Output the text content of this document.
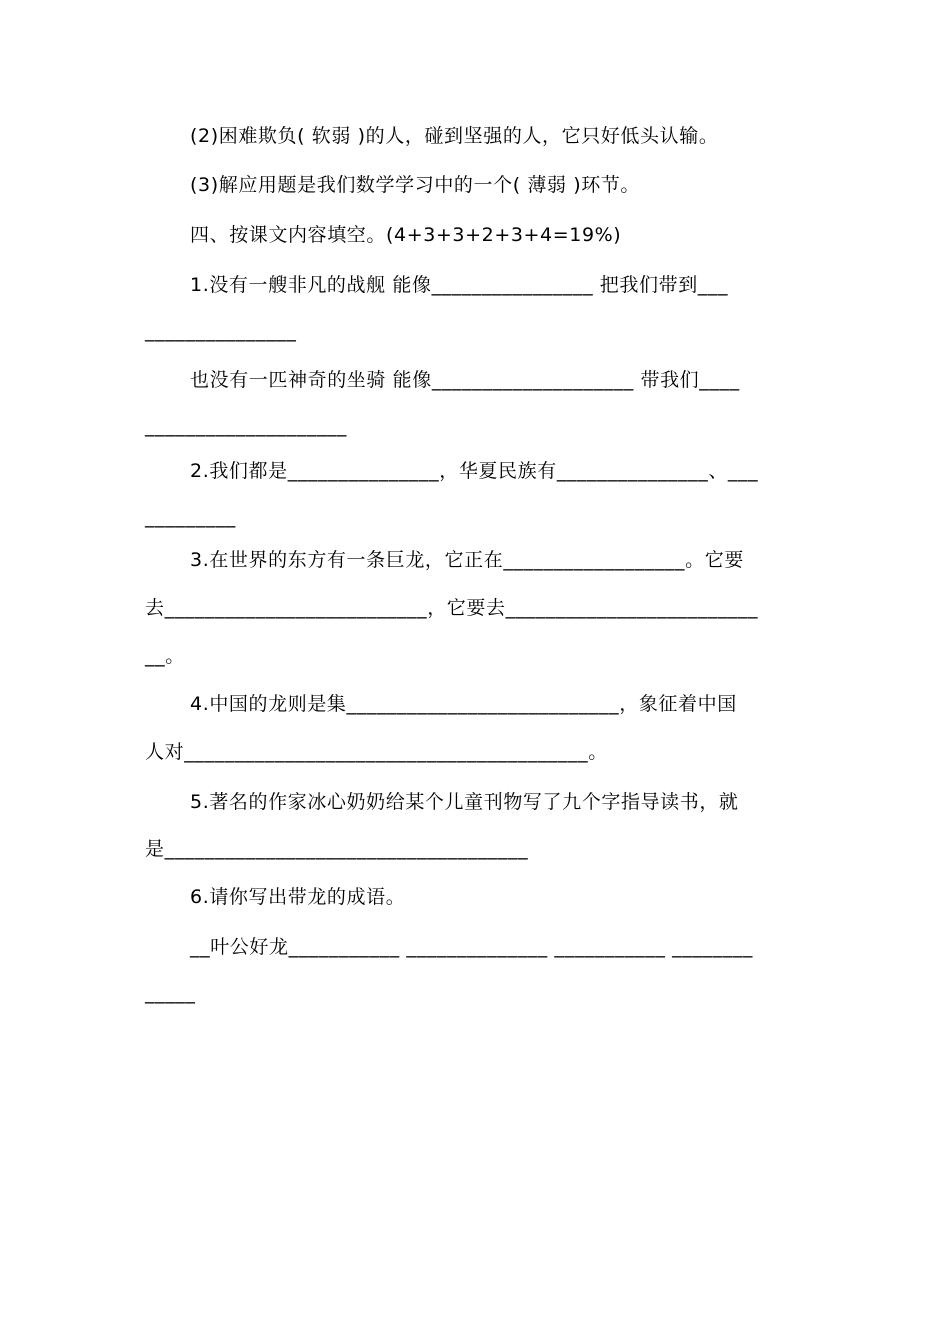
(2)困难欺负( 软弱 )的人，碰到坚强的人，它只好低头认输。
(3)解应用题是我们数学学习中的一个( 薄弱 )环节。
四、按课文内容填空。(4+3+3+2+3+4=19%)
1.没有一艘非凡的战舰 能像________________ 把我们带到___
_______________
也没有一匹神奇的坐骑 能像____________________ 带我们____
____________________
2.我们都是_______________，华夏民族有_______________、___
_________
3.在世界的东方有一条巨龙，它正在__________________。它要
去__________________________，它要去_________________________
__。
4.中国的龙则是集___________________________，象征着中国
人对________________________________________。
5.著名的作家冰心奶奶给某个儿童刊物写了九个字指导读书，就
是____________________________________
6.请你写出带龙的成语。
__叶公好龙___________ ______________ ___________ ________
_____
